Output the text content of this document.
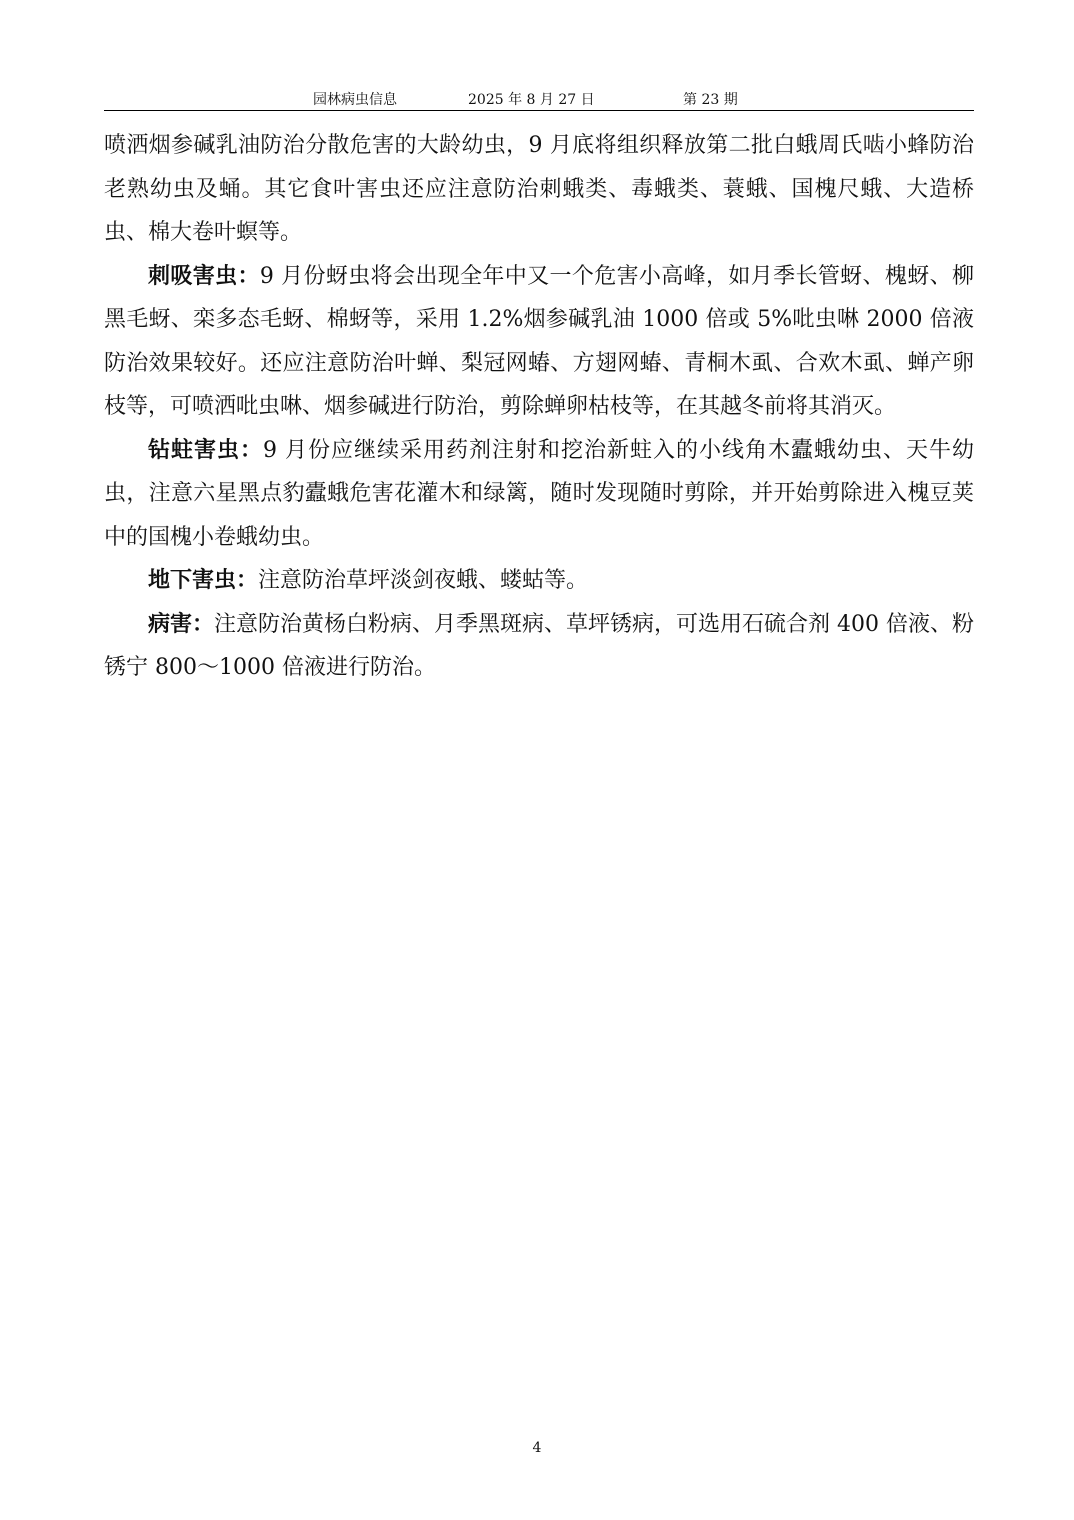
园林病虫信息	2025 年 8 月 27 日	第 23 期

喷洒烟参碱乳油防治分散危害的大龄幼虫，9 月底将组织释放第二批白蛾周氏啮小蜂防治老熟幼虫及蛹。其它食叶害虫还应注意防治刺蛾类、毒蛾类、蓑蛾、国槐尺蛾、大造桥虫、棉大卷叶螟等。

刺吸害虫：9 月份蚜虫将会出现全年中又一个危害小高峰，如月季长管蚜、槐蚜、柳黑毛蚜、栾多态毛蚜、棉蚜等，采用 1.2%烟参碱乳油 1000 倍或 5%吡虫啉 2000 倍液防治效果较好。还应注意防治叶蝉、梨冠网蝽、方翅网蝽、青桐木虱、合欢木虱、蝉产卵枝等，可喷洒吡虫啉、烟参碱进行防治，剪除蝉卵枯枝等，在其越冬前将其消灭。

钻蛀害虫：9 月份应继续采用药剂注射和挖治新蛀入的小线角木蠹蛾幼虫、天牛幼虫，注意六星黑点豹蠹蛾危害花灌木和绿篱，随时发现随时剪除，并开始剪除进入槐豆荚中的国槐小卷蛾幼虫。

地下害虫：注意防治草坪淡剑夜蛾、蝼蛄等。

病害：注意防治黄杨白粉病、月季黑斑病、草坪锈病，可选用石硫合剂 400 倍液、粉锈宁 800～1000 倍液进行防治。

4
